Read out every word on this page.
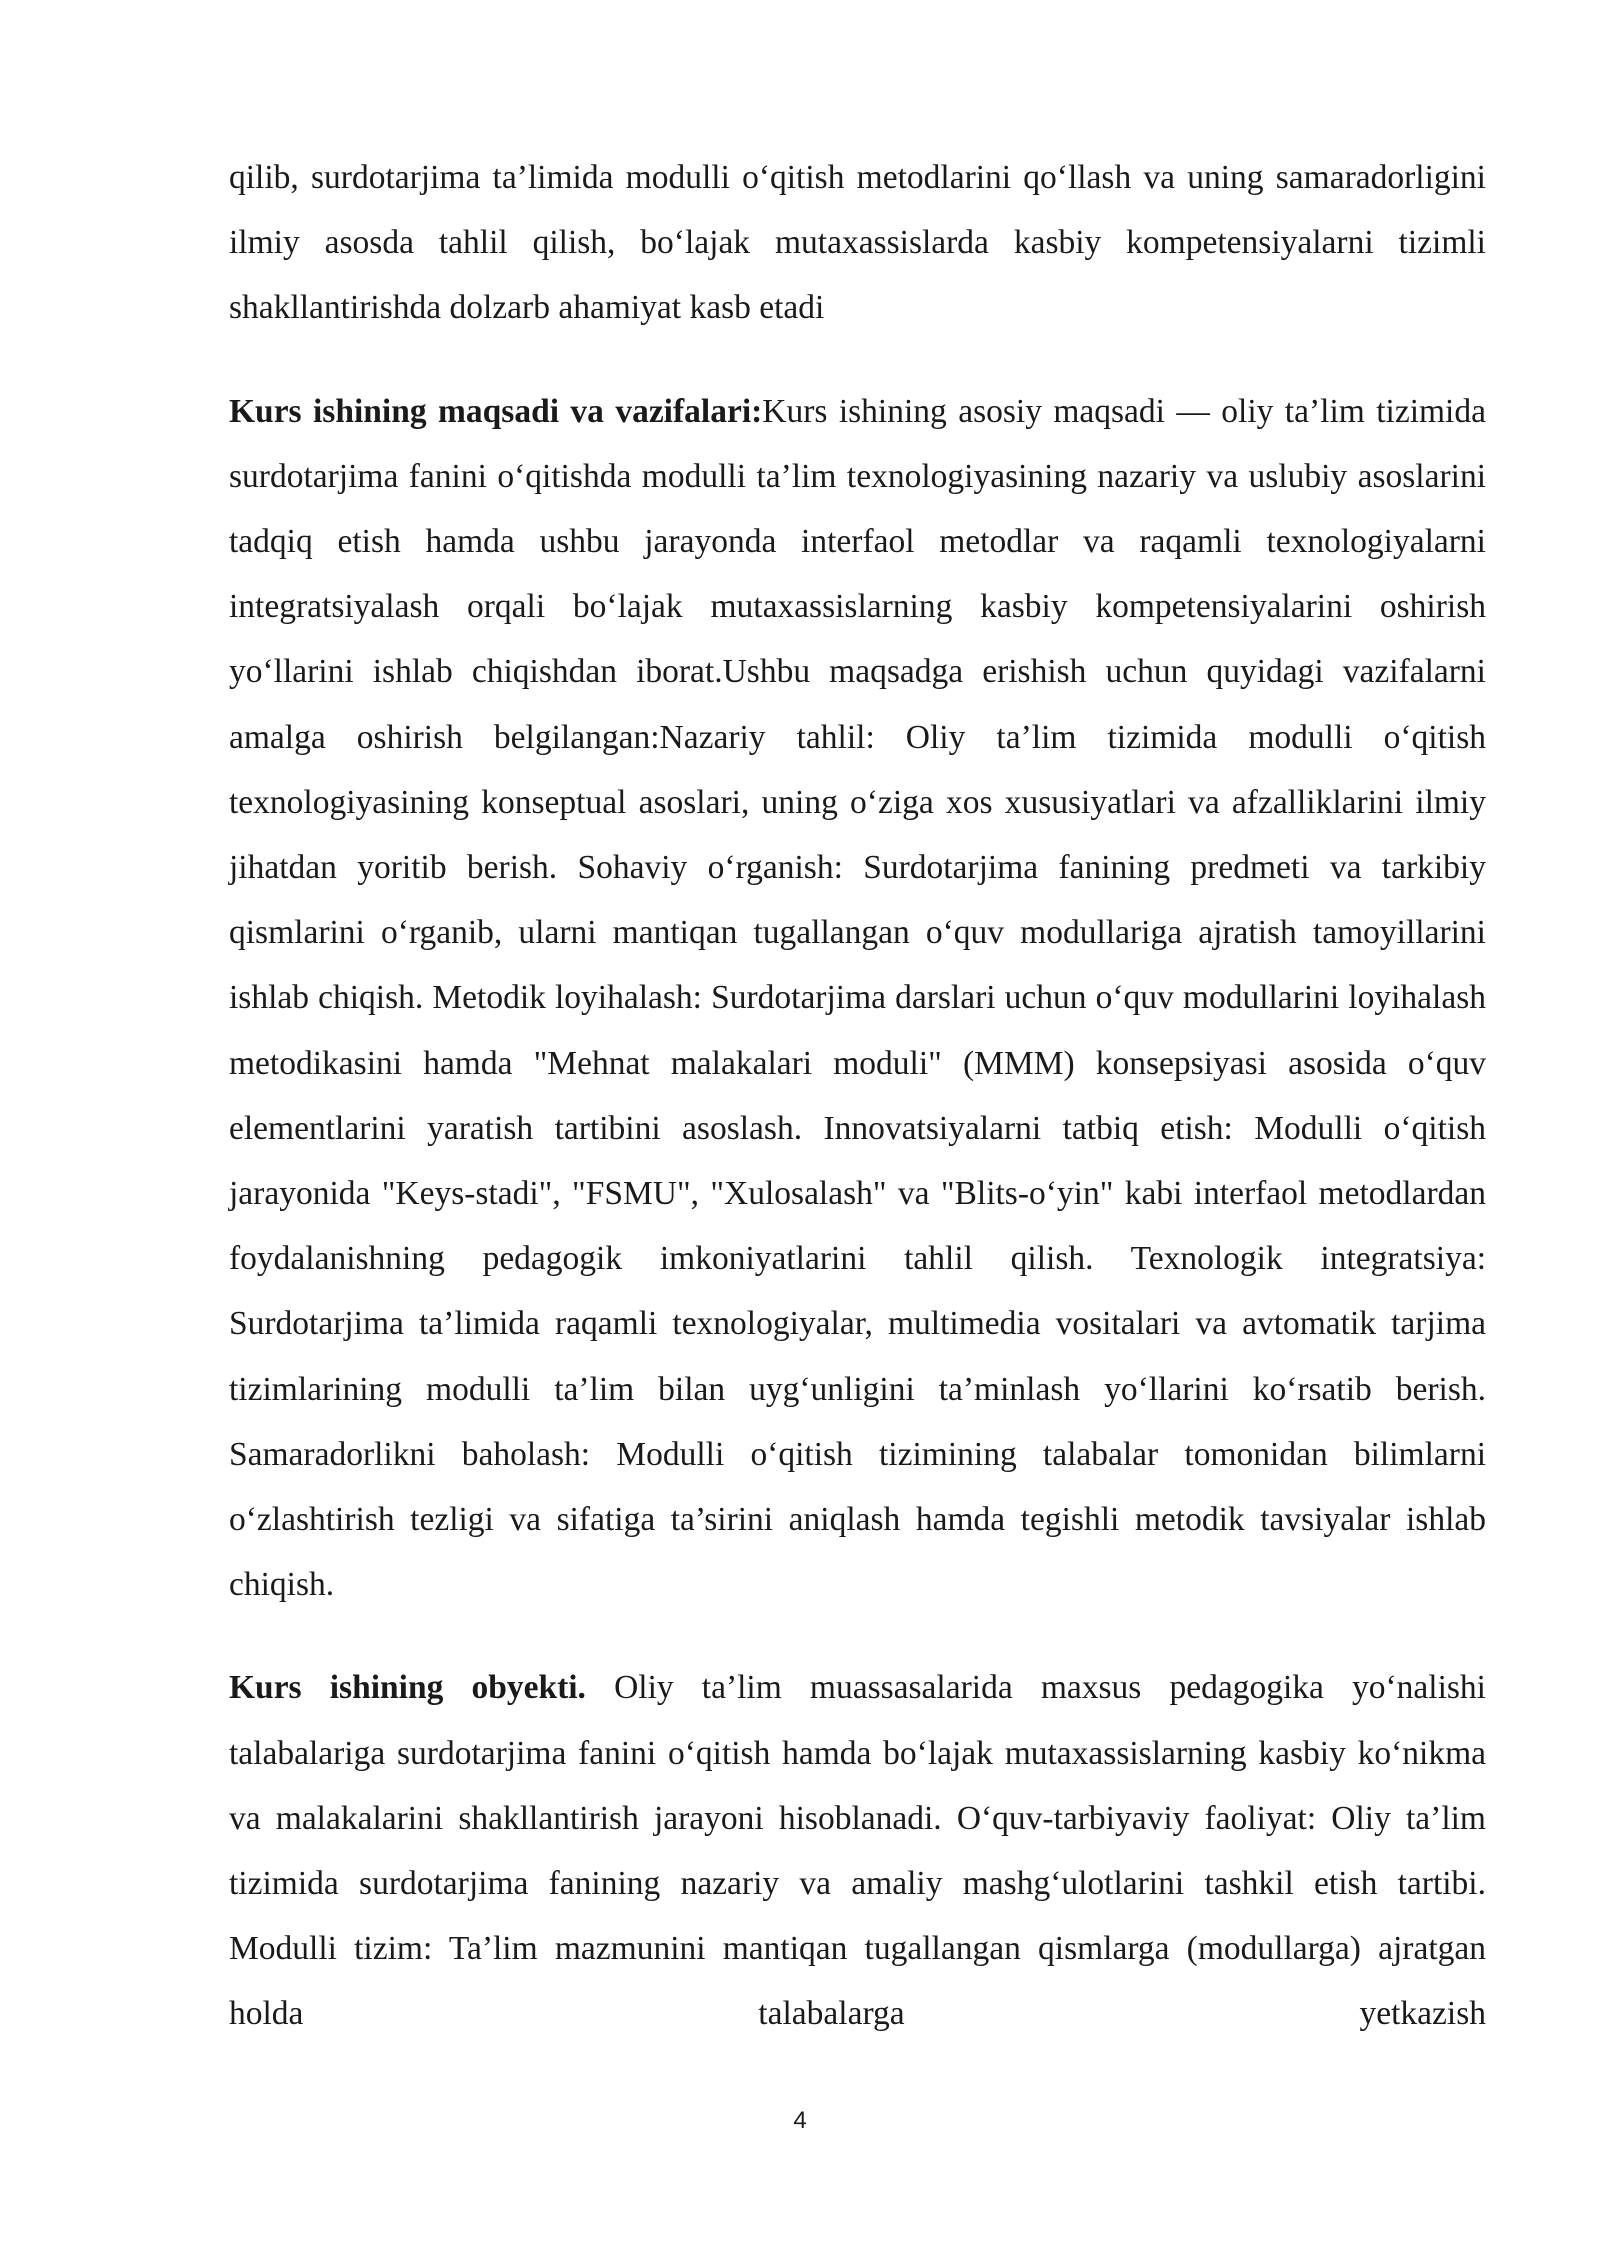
qilib, surdotarjima ta’limida modulli o‘qitish metodlarini qo‘llash va uning samaradorligini ilmiy asosda tahlil qilish, bo‘lajak mutaxassislarda kasbiy kompetensiyalarni tizimli shakllantirishda dolzarb ahamiyat kasb etadi

Kurs ishining maqsadi va vazifalari:Kurs ishining asosiy maqsadi — oliy ta’lim tizimida surdotarjima fanini o‘qitishda modulli ta’lim texnologiyasining nazariy va uslubiy asoslarini tadqiq etish hamda ushbu jarayonda interfaol metodlar va raqamli texnologiyalarni integratsiyalash orqali bo‘lajak mutaxassislarning kasbiy kompetensiyalarini oshirish yo‘llarini ishlab chiqishdan iborat.Ushbu maqsadga erishish uchun quyidagi vazifalarni amalga oshirish belgilangan:Nazariy tahlil: Oliy ta’lim tizimida modulli o‘qitish texnologiyasining konseptual asoslari, uning o‘ziga xos xususiyatlari va afzalliklarini ilmiy jihatdan yoritib berish. Sohaviy o‘rganish: Surdotarjima fanining predmeti va tarkibiy qismlarini o‘rganib, ularni mantiqan tugallangan o‘quv modullariga ajratish tamoyillarini ishlab chiqish. Metodik loyihalash: Surdotarjima darslari uchun o‘quv modullarini loyihalash metodikasini hamda "Mehnat malakalari moduli" (MMM) konsepsiyasi asosida o‘quv elementlarini yaratish tartibini asoslash. Innovatsiyalarni tatbiq etish: Modulli o‘qitish jarayonida "Keys-stadi", "FSMU", "Xulosalash" va "Blits-o‘yin" kabi interfaol metodlardan foydalanishning pedagogik imkoniyatlarini tahlil qilish. Texnologik integratsiya: Surdotarjima ta’limida raqamli texnologiyalar, multimedia vositalari va avtomatik tarjima tizimlarining modulli ta’lim bilan uyg‘unligini ta’minlash yo‘llarini ko‘rsatib berish. Samaradorlikni baholash: Modulli o‘qitish tizimining talabalar tomonidan bilimlarni o‘zlashtirish tezligi va sifatiga ta’sirini aniqlash hamda tegishli metodik tavsiyalar ishlab chiqish.

Kurs ishining obyekti. Oliy ta’lim muassasalarida maxsus pedagogika yo‘nalishi talabalariga surdotarjima fanini o‘qitish hamda bo‘lajak mutaxassislarning kasbiy ko‘nikma va malakalarini shakllantirish jarayoni hisoblanadi. O‘quv-tarbiyaviy faoliyat: Oliy ta’lim tizimida surdotarjima fanining nazariy va amaliy mashg‘ulotlarini tashkil etish tartibi. Modulli tizim: Ta’lim mazmunini mantiqan tugallangan qismlarga (modullarga) ajratgan holda talabalarga yetkazish

4
